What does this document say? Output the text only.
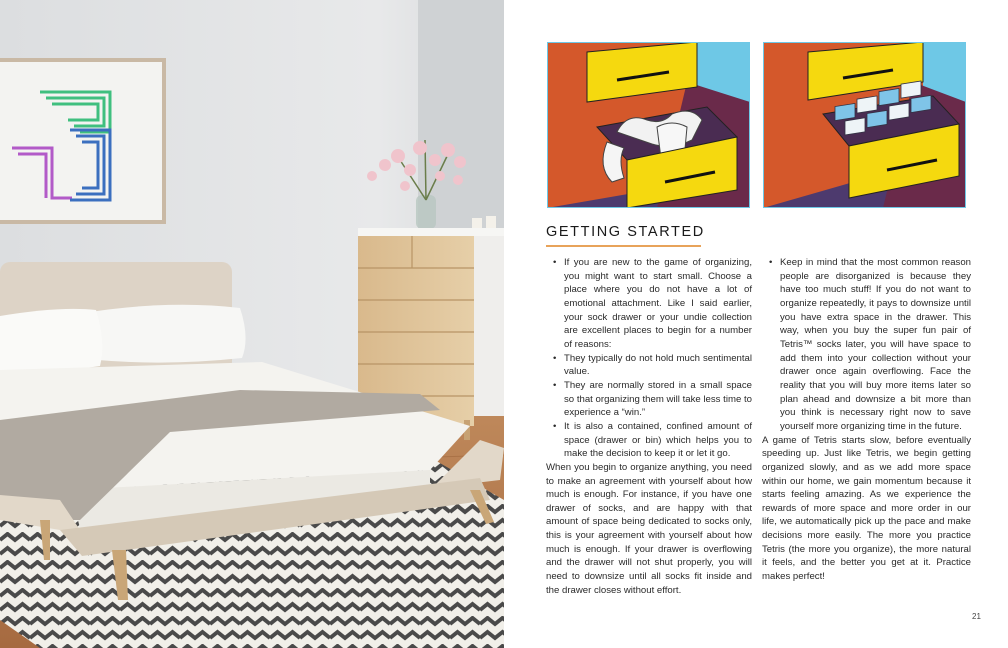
GETTING STARTED
• If you are new to the game of organizing, you might want to start small. Choose a place where you do not have a lot of emotional attachment. Like I said earlier, your sock drawer or your undie collection are excellent places to begin for a number of reasons:
• They typically do not hold much sentimental value.
• They are normally stored in a small space so that organizing them will take less time to experience a “win.”
• It is also a contained, confined amount of space (drawer or bin) which helps you to make the decision to keep it or let it go.

When you begin to organize anything, you need to make an agreement with yourself about how much is enough. For instance, if you have one drawer of socks, and are happy with that amount of space being dedicated to socks only, this is your agreement with yourself about how much is enough. If your drawer is overflowing and the drawer will not shut properly, you will need to downsize until all socks fit inside and the drawer closes without effort.

• Keep in mind that the most common reason people are disorganized is because they have too much stuff! If you do not want to organize repeatedly, it pays to downsize until you have extra space in the drawer. This way, when you buy the super fun pair of Tetris™ socks later, you will have space to add them into your collection without your drawer once again overflowing. Face the reality that you will buy more items later so plan ahead and downsize a bit more than you think is necessary right now to save yourself more organizing time in the future.

A game of Tetris starts slow, before eventually speeding up. Just like Tetris, we begin getting organized slowly, and as we add more space within our home, we gain momentum because it starts feeling amazing. As we experience the rewards of more space and more order in our life, we automatically pick up the pace and make decisions more easily. The more you practice Tetris (the more you organize), the more natural it feels, and the better you get at it. Practice makes perfect!

21
